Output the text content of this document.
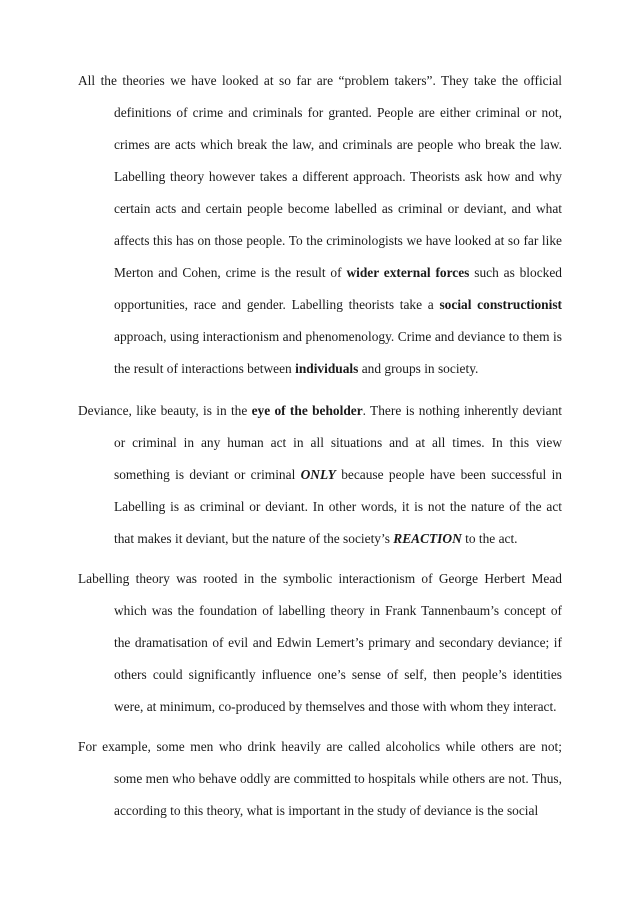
All the theories we have looked at so far are “problem takers”. They take the official definitions of crime and criminals for granted. People are either criminal or not, crimes are acts which break the law, and criminals are people who break the law. Labelling theory however takes a different approach. Theorists ask how and why certain acts and certain people become labelled as criminal or deviant, and what affects this has on those people. To the criminologists we have looked at so far like Merton and Cohen, crime is the result of wider external forces such as blocked opportunities, race and gender. Labelling theorists take a social constructionist approach, using interactionism and phenomenology. Crime and deviance to them is the result of interactions between individuals and groups in society.

Deviance, like beauty, is in the eye of the beholder. There is nothing inherently deviant or criminal in any human act in all situations and at all times. In this view something is deviant or criminal ONLY because people have been successful in Labelling is as criminal or deviant. In other words, it is not the nature of the act that makes it deviant, but the nature of the society’s REACTION to the act.

Labelling theory was rooted in the symbolic interactionism of George Herbert Mead which was the foundation of labelling theory in Frank Tannenbaum’s concept of the dramatisation of evil and Edwin Lemert’s primary and secondary deviance; if others could significantly influence one’s sense of self, then people’s identities were, at minimum, co-produced by themselves and those with whom they interact.

For example, some men who drink heavily are called alcoholics while others are not; some men who behave oddly are committed to hospitals while others are not. Thus, according to this theory, what is important in the study of deviance is the social
